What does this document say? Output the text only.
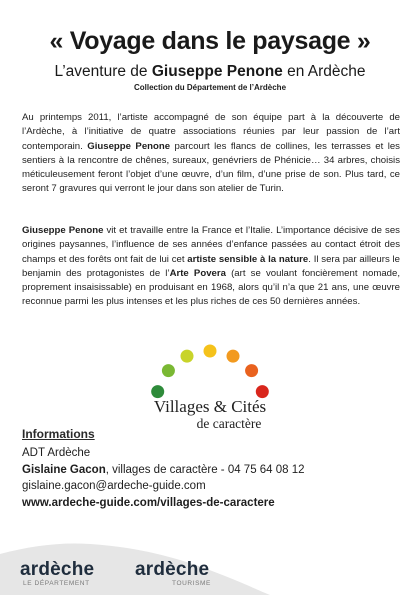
« Voyage dans le paysage »
L’aventure de Giuseppe Penone en Ardèche
Collection du Département de l’Ardèche

Au printemps 2011, l’artiste accompagné de son équipe part à la découverte de l’Ardèche, à l’initiative de quatre associations réunies par leur passion de l’art contemporain. Giuseppe Penone parcourt les flancs de collines, les terrasses et les sentiers à la rencontre de chênes, sureaux, genévriers de Phénicie… 34 arbres, choisis méticuleusement feront l’objet d’une œuvre, d’un film, d’une prise de son. Plus tard, ce seront 7 gravures qui verront le jour dans son atelier de Turin.

Giuseppe Penone vit et travaille entre la France et l’Italie. L’importance décisive de ses origines paysannes, l’influence de ses années d’enfance passées au contact étroit des champs et des forêts ont fait de lui cet artiste sensible à la nature. Il sera par ailleurs le benjamin des protagonistes de l’Arte Povera (art se voulant foncièrement nomade, proprement insaisissable) en produisant en 1968, alors qu’il n’a que 21 ans, une œuvre reconnue parmi les plus intenses et les plus riches de ces 50 dernières années.

Villages & Cités
de caractère
Informations
ADT Ardèche
Gislaine Gacon, villages de caractère - 04 75 64 08 12
gislaine.gacon@ardeche-guide.com
www.ardeche-guide.com/villages-de-caractere
ardèche
LE DÉPARTEMENT
ardèche
TOURISME
